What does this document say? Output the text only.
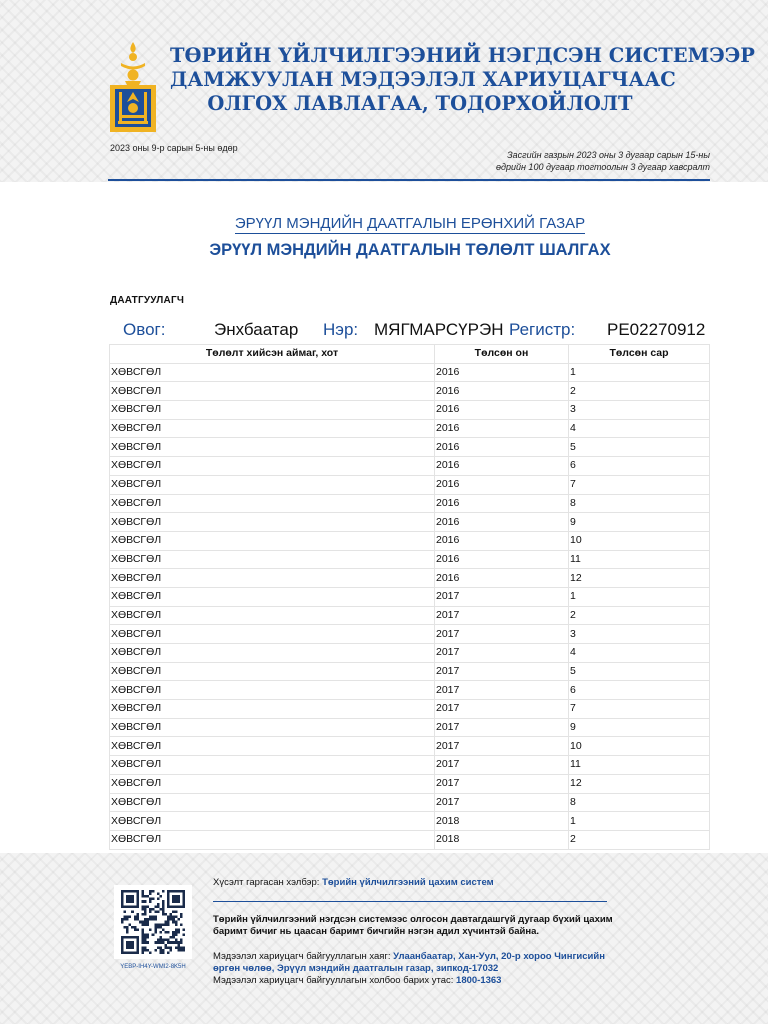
ТӨРИЙН ҮЙЛЧИЛГЭЭНИЙ НЭГДСЭН СИСТЕМЭЭР
ДАМЖУУЛАН МЭДЭЭЛЭЛ ХАРИУЦАГЧААС
ОЛГОХ ЛАВЛАГАА, ТОДОРХОЙЛОЛТ
2023 оны 9-р сарын 5-ны өдөр
Засгийн газрын 2023 оны 3 дугаар сарын 15-ны
өдрийн 100 дугаар тогтоолын 3 дугаар хавсралт
ЭРҮҮЛ МЭНДИЙН ДААТГАЛЫН ЕРӨНХИЙ ГАЗАР
ЭРҮҮЛ МЭНДИЙН ДААТГАЛЫН ТӨЛӨЛТ ШАЛГАХ
ДААТГУУЛАГЧ
Овог:	Энхбаатар Нэр: МЯГМАРСҮРЭН Регистр: РЕ02270912
Төлөлт хийсэн аймаг, хот	Төлсөн он	Төлсөн сар
ХӨВСГӨЛ	2016	1
ХӨВСГӨЛ	2016	2
ХӨВСГӨЛ	2016	3
ХӨВСГӨЛ	2016	4
ХӨВСГӨЛ	2016	5
ХӨВСГӨЛ	2016	6
ХӨВСГӨЛ	2016	7
ХӨВСГӨЛ	2016	8
ХӨВСГӨЛ	2016	9
ХӨВСГӨЛ	2016	10
ХӨВСГӨЛ	2016	11
ХӨВСГӨЛ	2016	12
ХӨВСГӨЛ	2017	1
ХӨВСГӨЛ	2017	2
ХӨВСГӨЛ	2017	3
ХӨВСГӨЛ	2017	4
ХӨВСГӨЛ	2017	5
ХӨВСГӨЛ	2017	6
ХӨВСГӨЛ	2017	7
ХӨВСГӨЛ	2017	9
ХӨВСГӨЛ	2017	10
ХӨВСГӨЛ	2017	11
ХӨВСГӨЛ	2017	12
ХӨВСГӨЛ	2017	8
ХӨВСГӨЛ	2018	1
ХӨВСГӨЛ	2018	2
YEBP-IH4Y-WMI2-8K5H
Хүсэлт гаргасан хэлбэр: Төрийн үйлчилгээний цахим систем
Төрийн үйлчилгээний нэгдсэн системээс олгосон давтагдашгүй дугаар бүхий цахим баримт бичиг нь цаасан баримт бичгийн нэгэн адил хүчинтэй байна.
Мэдээлэл хариуцагч байгууллагын хаяг: Улаанбаатар, Хан-Уул, 20-р хороо Чингисийн өргөн чөлөө, Эрүүл мэндийн даатгалын газар, зипкод-17032
Мэдээлэл хариуцагч байгууллагын холбоо барих утас: 1800-1363
